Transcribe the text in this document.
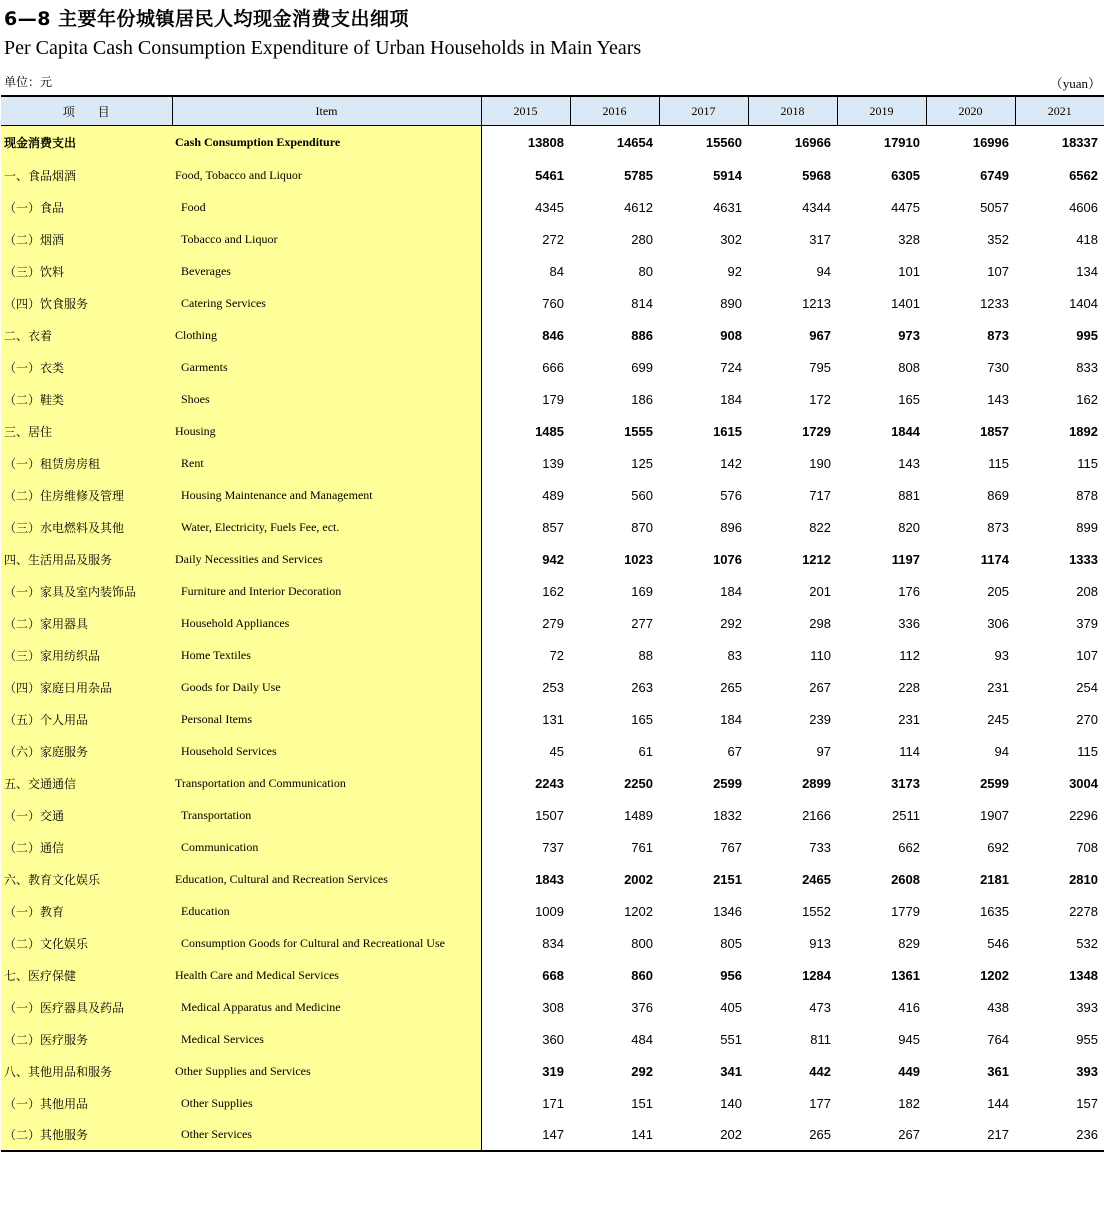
6—8 主要年份城镇居民人均现金消费支出细项
Per Capita Cash Consumption Expenditure of Urban Households in Main Years
单位：元	（yuan）
项      目	Item	2015	2016	2017	2018	2019	2020	2021
现金消费支出	Cash Consumption Expenditure	13808	14654	15560	16966	17910	16996	18337
一、食品烟酒	Food, Tobacco and Liquor	5461	5785	5914	5968	6305	6749	6562
（一）食品	Food	4345	4612	4631	4344	4475	5057	4606
（二）烟酒	Tobacco and Liquor	272	280	302	317	328	352	418
（三）饮料	Beverages	84	80	92	94	101	107	134
（四）饮食服务	Catering Services	760	814	890	1213	1401	1233	1404
二、衣着	Clothing	846	886	908	967	973	873	995
（一）衣类	Garments	666	699	724	795	808	730	833
（二）鞋类	Shoes	179	186	184	172	165	143	162
三、居住	Housing	1485	1555	1615	1729	1844	1857	1892
（一）租赁房房租	Rent	139	125	142	190	143	115	115
（二）住房维修及管理	Housing Maintenance and Management	489	560	576	717	881	869	878
（三）水电燃料及其他	Water, Electricity, Fuels Fee, ect.	857	870	896	822	820	873	899
四、生活用品及服务	Daily Necessities and Services	942	1023	1076	1212	1197	1174	1333
（一）家具及室内装饰品	Furniture and Interior Decoration	162	169	184	201	176	205	208
（二）家用器具	Household Appliances	279	277	292	298	336	306	379
（三）家用纺织品	Home Textiles	72	88	83	110	112	93	107
（四）家庭日用杂品	Goods for Daily Use	253	263	265	267	228	231	254
（五）个人用品	Personal Items	131	165	184	239	231	245	270
（六）家庭服务	Household Services	45	61	67	97	114	94	115
五、交通通信	Transportation and Communication	2243	2250	2599	2899	3173	2599	3004
（一）交通	Transportation	1507	1489	1832	2166	2511	1907	2296
（二）通信	Communication	737	761	767	733	662	692	708
六、教育文化娱乐	Education, Cultural and Recreation Services	1843	2002	2151	2465	2608	2181	2810
（一）教育	Education	1009	1202	1346	1552	1779	1635	2278
（二）文化娱乐	Consumption Goods for Cultural and Recreational Use	834	800	805	913	829	546	532
七、医疗保健	Health Care and Medical Services	668	860	956	1284	1361	1202	1348
（一）医疗器具及药品	Medical Apparatus and Medicine	308	376	405	473	416	438	393
（二）医疗服务	Medical Services	360	484	551	811	945	764	955
八、其他用品和服务	Other Supplies and Services	319	292	341	442	449	361	393
（一）其他用品	Other Supplies	171	151	140	177	182	144	157
（二）其他服务	Other Services	147	141	202	265	267	217	236
